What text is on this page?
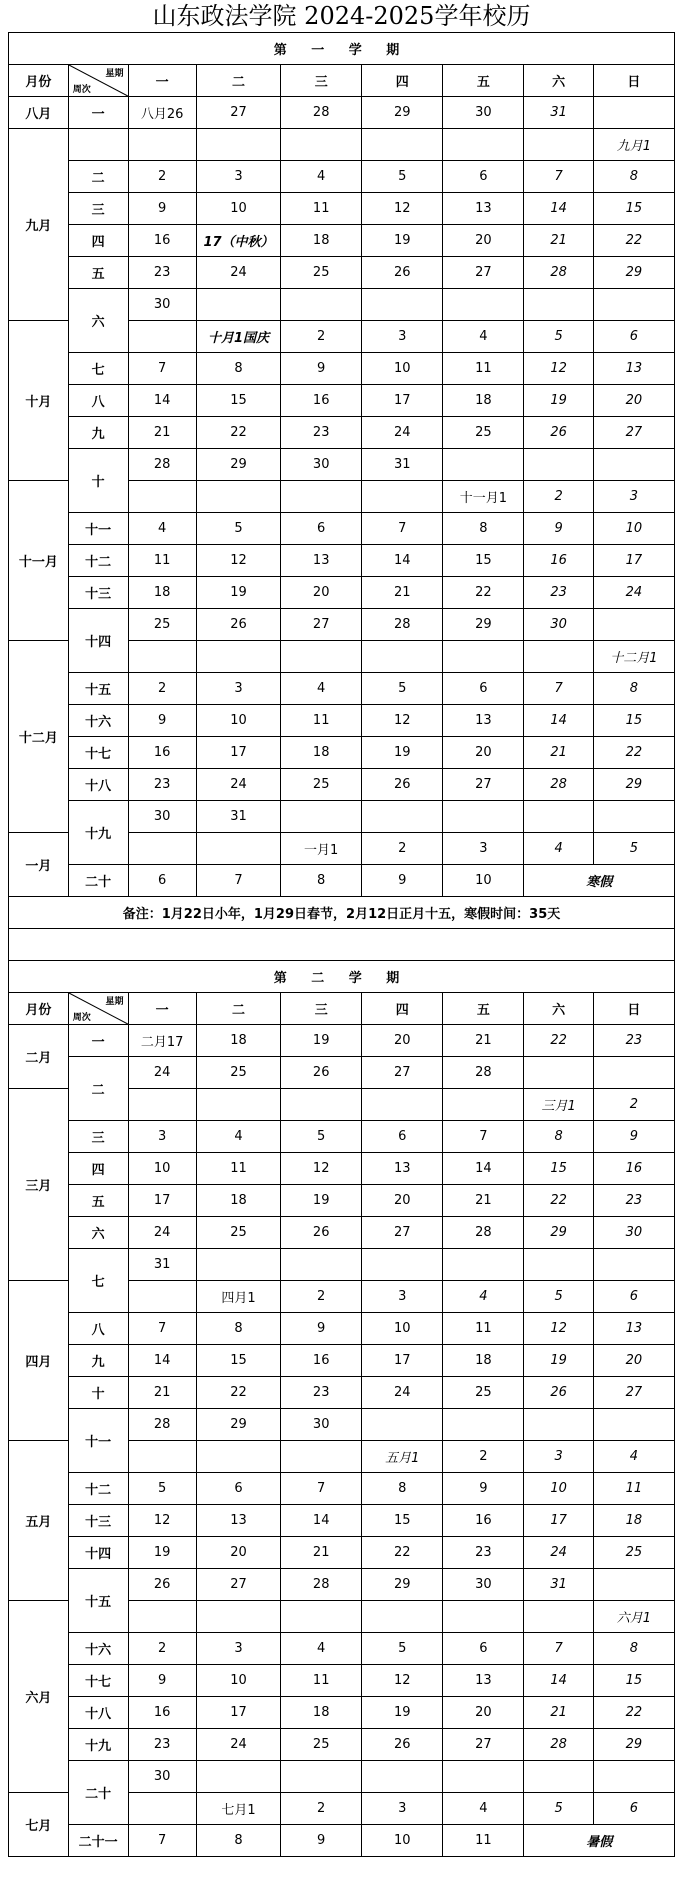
山东政法学院 2024-2025学年校历
第 一 学 期								
月份	星期
周次	一	二	三	四	五	六	日
八月	一	八月26	27	28	29	30	31	
九月								九月1
	二	2	3	4	5	6	7	8
	三	9	10	11	12	13	14	15
	四	16	17（中秋）	18	19	20	21	22
	五	23	24	25	26	27	28	29
	六	30						
十月			十月1国庆	2	3	4	5	6
	七	7	8	9	10	11	12	13
	八	14	15	16	17	18	19	20
	九	21	22	23	24	25	26	27
	十	28	29	30	31			
十一月						十一月1	2	3
	十一	4	5	6	7	8	9	10
	十二	11	12	13	14	15	16	17
	十三	18	19	20	21	22	23	24
	十四	25	26	27	28	29	30	
十二月								十二月1
	十五	2	3	4	5	6	7	8
	十六	9	10	11	12	13	14	15
	十七	16	17	18	19	20	21	22
	十八	23	24	25	26	27	28	29
	十九	30	31					
一月				一月1	2	3	4	5
	二十	6	7	8	9	10	寒假	
备注：1月22日小年，1月29日春节，2月12日正月十五，寒假时间：35天								

第 二 学 期								
月份	星期
周次	一	二	三	四	五	六	日
二月	一	二月17	18	19	20	21	22	23
	二	24	25	26	27	28		
三月							三月1	2
	三	3	4	5	6	7	8	9
	四	10	11	12	13	14	15	16
	五	17	18	19	20	21	22	23
	六	24	25	26	27	28	29	30
	七	31						
四月			四月1	2	3	4	5	6
	八	7	8	9	10	11	12	13
	九	14	15	16	17	18	19	20
	十	21	22	23	24	25	26	27
	十一	28	29	30				
五月					五月1	2	3	4
	十二	5	6	7	8	9	10	11
	十三	12	13	14	15	16	17	18
	十四	19	20	21	22	23	24	25
	十五	26	27	28	29	30	31	
六月								六月1
	十六	2	3	4	5	6	7	8
	十七	9	10	11	12	13	14	15
	十八	16	17	18	19	20	21	22
	十九	23	24	25	26	27	28	29
	二十	30						
七月			七月1	2	3	4	5	6
	二十一	7	8	9	10	11	暑假	
